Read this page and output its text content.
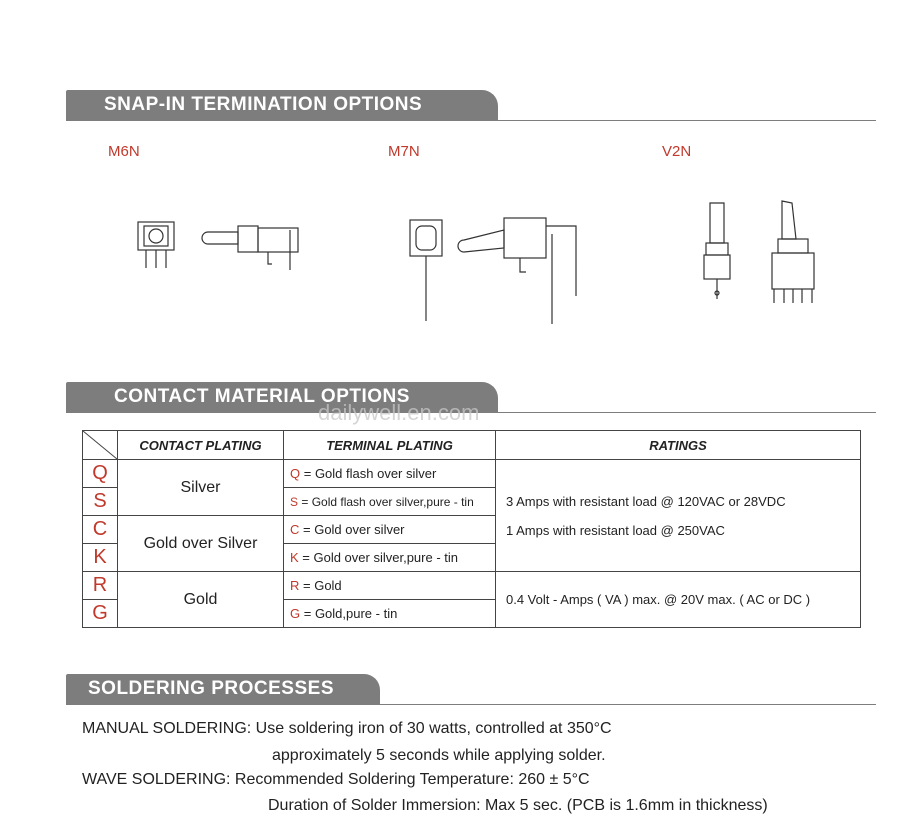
SNAP-IN TERMINATION OPTIONS
M6N	M7N	V2N
CONTACT MATERIAL OPTIONS
dailywell.en.com
	CONTACT PLATING	TERMINAL PLATING	RATINGS
Q	Silver	Q = Gold flash over silver	3 Amps with resistant load @ 120VAC or 28VDC
1 Amps with resistant load @ 250VAC

S		S = Gold flash over silver,pure - tin	
C	Gold over Silver	C = Gold over silver	
K		K = Gold over silver,pure - tin	
R	Gold	R = Gold	0.4 Volt - Amps ( VA ) max. @ 20V max. ( AC or DC )
G		G = Gold,pure - tin	
SOLDERING PROCESSES
MANUAL SOLDERING: Use soldering iron of 30 watts, controlled at 350°C
approximately 5 seconds while applying solder.
WAVE SOLDERING: Recommended Soldering Temperature: 260 ± 5°C
Duration of Solder Immersion: Max 5 sec. (PCB is 1.6mm in thickness)
